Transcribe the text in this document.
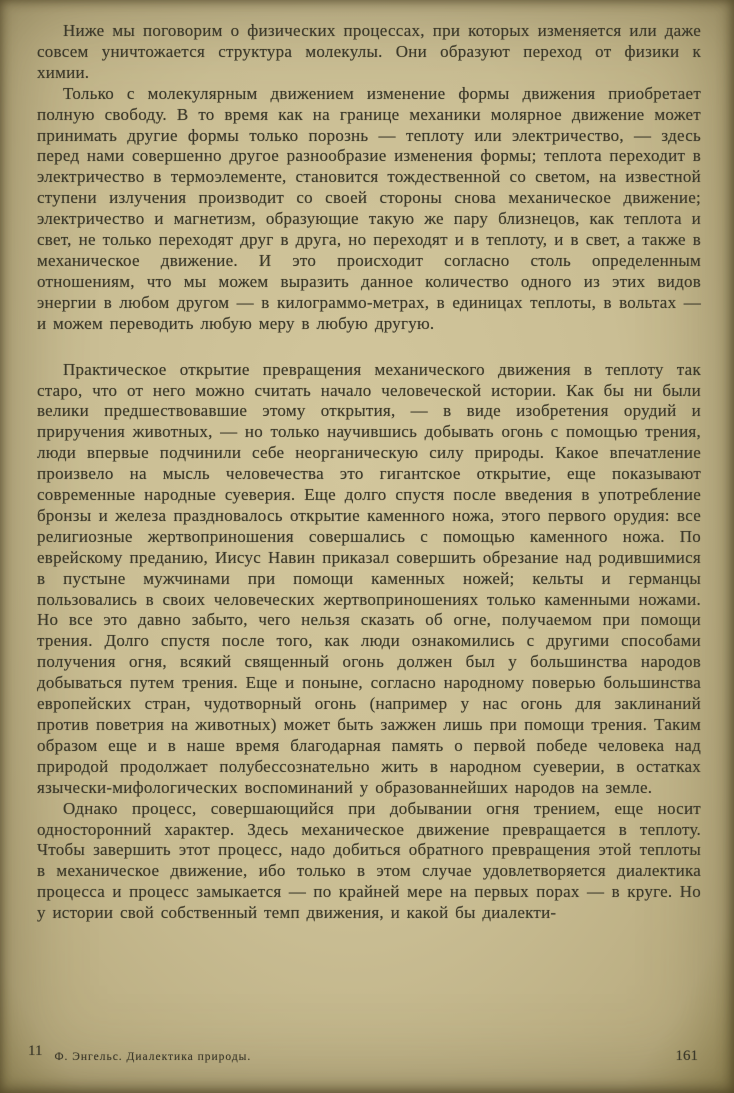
Ниже мы поговорим о физических процессах, при которых изменяется или даже совсем уничтожается структура молекулы. Они образуют переход от физики к химии.

Только с молекулярным движением изменение формы движения приобретает полную свободу. В то время как на границе механики молярное движение может принимать другие формы только порознь — теплоту или электричество, — здесь перед нами совершенно другое разнообразие изменения формы; теплота переходит в электричество в термоэлементе, становится тождественной со светом, на известной ступени излучения производит со своей стороны снова механическое движение; электричество и магнетизм, образующие такую же пару близнецов, как теплота и свет, не только переходят друг в друга, но переходят и в теплоту, и в свет, а также в механическое движение. И это происходит согласно столь определенным отношениям, что мы можем выразить данное количество одного из этих видов энергии в любом другом — в килограммо-метрах, в единицах теплоты, в вольтах — и можем переводить любую меру в любую другую.

Практическое открытие превращения механического движения в теплоту так старо, что от него можно считать начало человеческой истории. Как бы ни были велики предшествовавшие этому открытия, — в виде изобретения орудий и приручения животных, — но только научившись добывать огонь с помощью трения, люди впервые подчинили себе неорганическую силу природы. Какое впечатление произвело на мысль человечества это гигантское открытие, еще показывают современные народные суеверия. Еще долго спустя после введения в употребление бронзы и железа праздновалось открытие каменного ножа, этого первого орудия: все религиозные жертвоприношения совершались с помощью каменного ножа. По еврейскому преданию, Иисус Навин приказал совершить обрезание над родившимися в пустыне мужчинами при помощи каменных ножей; кельты и германцы пользовались в своих человеческих жертвоприношениях только каменными ножами. Но все это давно забыто, чего нельзя сказать об огне, получаемом при помощи трения. Долго спустя после того, как люди ознакомились с другими способами получения огня, всякий священный огонь должен был у большинства народов добываться путем трения. Еще и поныне, согласно народному поверью большинства европейских стран, чудотворный огонь (например у нас огонь для заклинаний против поветрия на животных) может быть зажжен лишь при помощи трения. Таким образом еще и в наше время благодарная память о первой победе человека над природой продолжает полубессознательно жить в народном суеверии, в остатках язычески-мифологических воспоминаний у образованнейших народов на земле.

Однако процесс, совершающийся при добывании огня трением, еще носит односторонний характер. Здесь механическое движение превращается в теплоту. Чтобы завершить этот процесс, надо добиться обратного превращения этой теплоты в механическое движение, ибо только в этом случае удовлетворяется диалектика процесса и процесс замыкается — по крайней мере на первых порах — в круге. Но у истории свой собственный темп движения, и какой бы диалекти-

11 Ф. Энгельс. Диалектика природы.	161
